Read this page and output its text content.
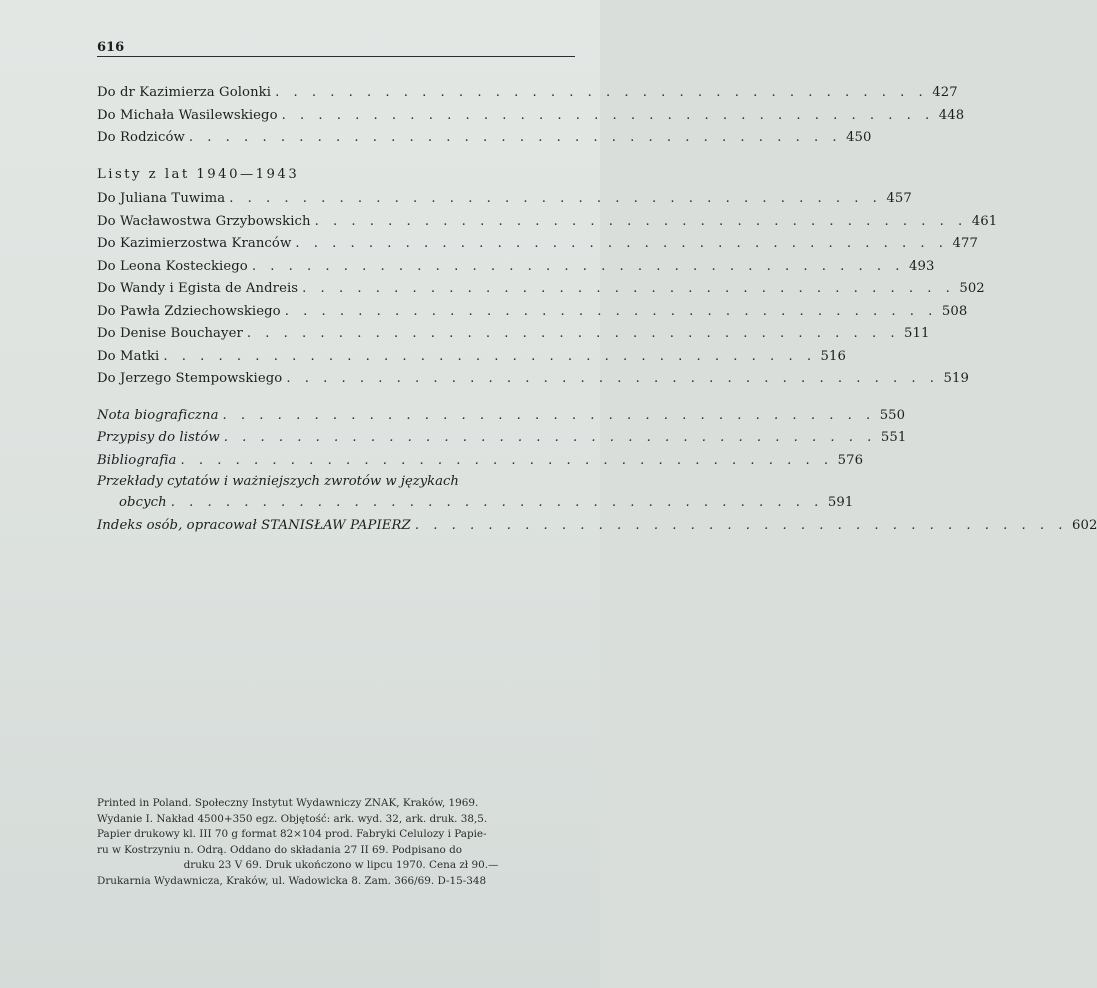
616
Do dr Kazimierza Golonki . . . . . . . . . . . . . . . . . . . . . . . . . . . . . . . . . . . . 427
Do Michała Wasilewskiego . . . . . . . . . . . . . . . . . . . . . . . . . . . . . . . . . . . . 448
Do Rodziców . . . . . . . . . . . . . . . . . . . . . . . . . . . . . . . . . . . . 450
Listy z lat 1940—1943
Do Juliana Tuwima . . . . . . . . . . . . . . . . . . . . . . . . . . . . . . . . . . . . 457
Do Wacławostwa Grzybowskich . . . . . . . . . . . . . . . . . . . . . . . . . . . . . . . . . . . . 461
Do Kazimierzostwa Kranców . . . . . . . . . . . . . . . . . . . . . . . . . . . . . . . . . . . . 477
Do Leona Kosteckiego . . . . . . . . . . . . . . . . . . . . . . . . . . . . . . . . . . . . 493
Do Wandy i Egista de Andreis . . . . . . . . . . . . . . . . . . . . . . . . . . . . . . . . . . . . 502
Do Pawła Zdziechowskiego . . . . . . . . . . . . . . . . . . . . . . . . . . . . . . . . . . . . 508
Do Denise Bouchayer . . . . . . . . . . . . . . . . . . . . . . . . . . . . . . . . . . . . 511
Do Matki . . . . . . . . . . . . . . . . . . . . . . . . . . . . . . . . . . . . 516
Do Jerzego Stempowskiego . . . . . . . . . . . . . . . . . . . . . . . . . . . . . . . . . . . . 519
Nota biograficzna . . . . . . . . . . . . . . . . . . . . . . . . . . . . . . . . . . . . 550
Przypisy do listów . . . . . . . . . . . . . . . . . . . . . . . . . . . . . . . . . . . . 551
Bibliografia . . . . . . . . . . . . . . . . . . . . . . . . . . . . . . . . . . . . 576
Przekłady cytatów i ważniejszych zwrotów w językach
obcych . . . . . . . . . . . . . . . . . . . . . . . . . . . . . . . . . . . . 591
Indeks osób, opracował STANISŁAW PAPIERZ . . . . . . . . . . . . . . . . . . . . . . . . . . . . . . . . . . . . 602
Printed in Poland. Społeczny Instytut Wydawniczy ZNAK, Kraków, 1969.
Wydanie I. Nakład 4500+350 egz. Objętość: ark. wyd. 32, ark. druk. 38,5.
Papier drukowy kl. III 70 g format 82×104 prod. Fabryki Celulozy i Papie-
ru w Kostrzyniu n. Odrą. Oddano do składania 27 II 69. Podpisano do
druku 23 V 69. Druk ukończono w lipcu 1970. Cena zł 90.—
Drukarnia Wydawnicza, Kraków, ul. Wadowicka 8. Zam. 366/69. D-15-348
